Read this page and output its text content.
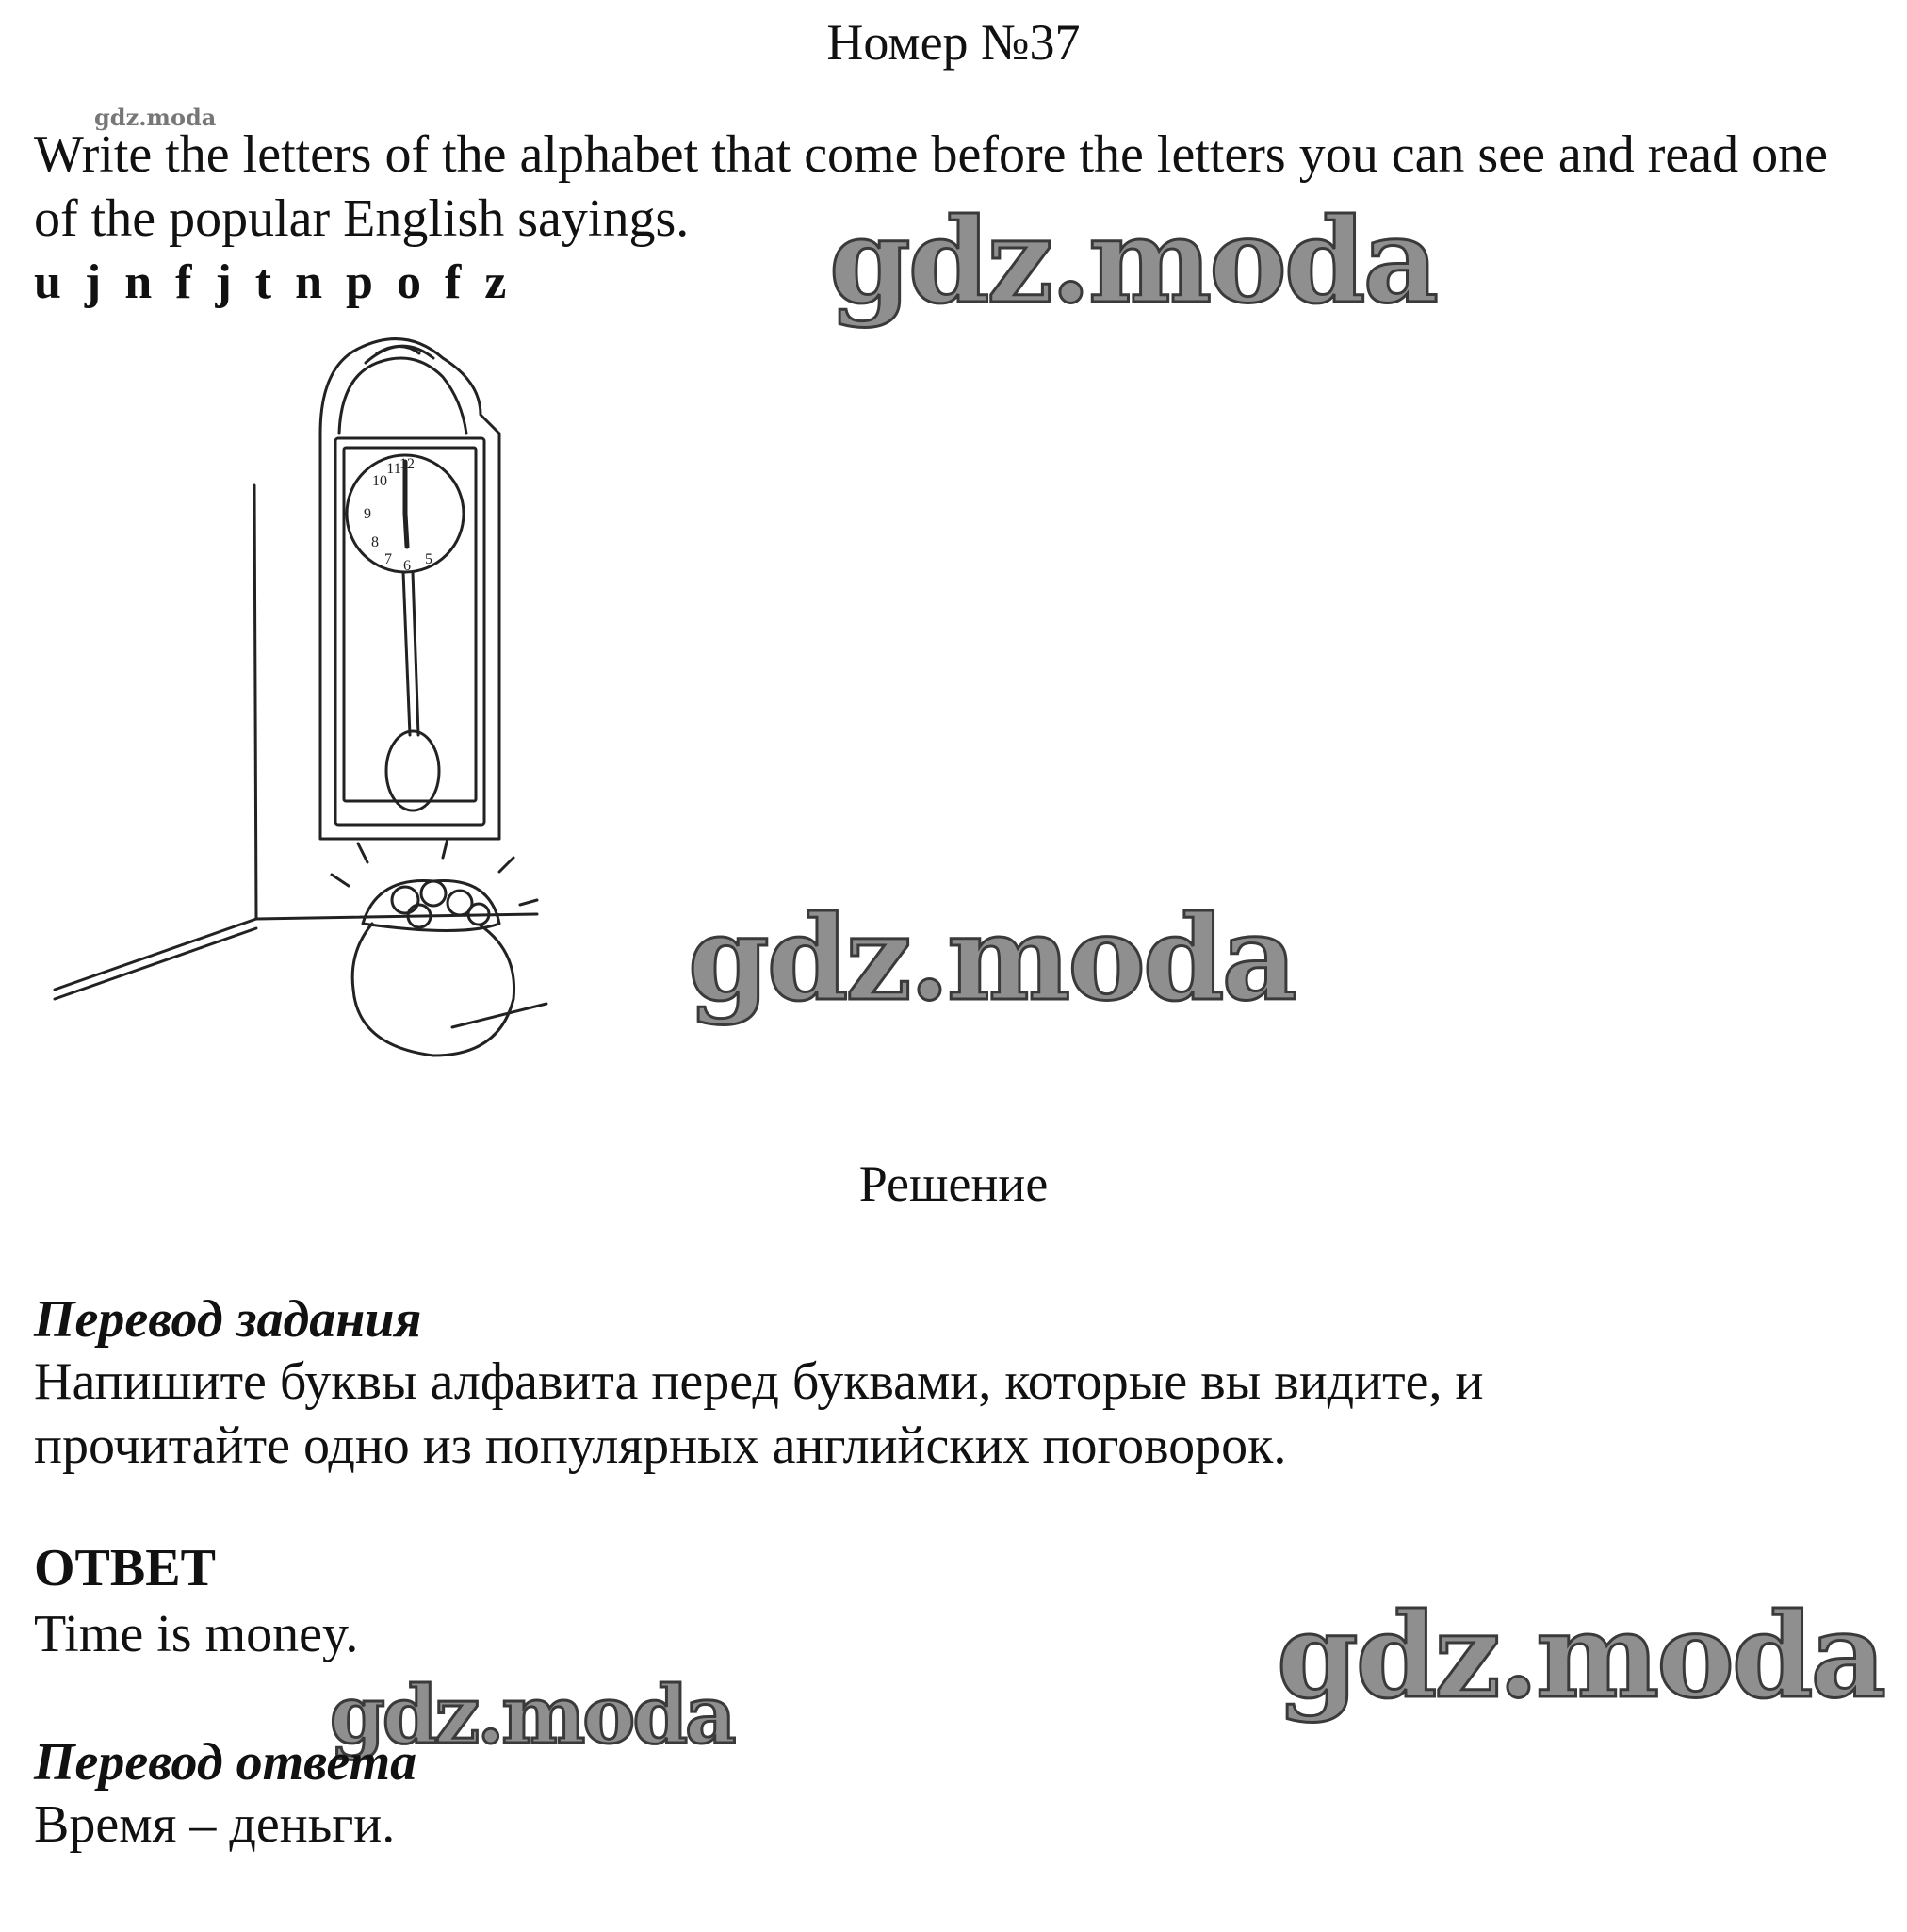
Номер №37
gdz.moda
Write the letters of the alphabet that come before the letters you can see and read one of the popular English sayings.
u j n f j t n p o f z
10
11
12
9
8
7 6 5
gdz.moda
gdz.moda
Решение
Перевод задания
Напишите буквы алфавита перед буквами, которые вы видите, и
прочитайте одно из популярных английских поговорок.
ОТВЕТ
Time is money.	gdz.moda
gdz.moda
Перевод ответа
Время – деньги.
